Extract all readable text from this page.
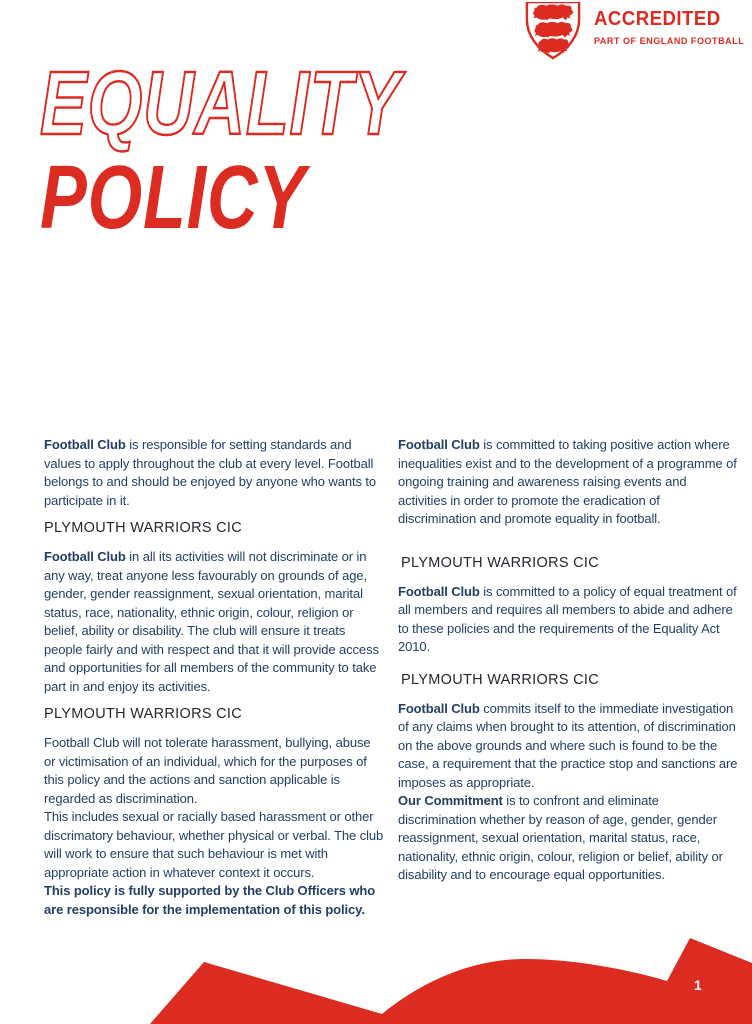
ACCREDITED
PART OF ENGLAND FOOTBALL
EQUALITY
POLICY

Football Club is responsible for setting standards and values to apply throughout the club at every level. Football belongs to and should be enjoyed by anyone who wants to participate in it.

PLYMOUTH WARRIORS CIC

Football Club in all its activities will not discriminate or in any way, treat anyone less favourably on grounds of age, gender, gender reassignment, sexual orientation, marital status, race, nationality, ethnic origin, colour, religion or belief, ability or disability. The club will ensure it treats people fairly and with respect and that it will provide access and opportunities for all members of the community to take part in and enjoy its activities.

PLYMOUTH WARRIORS CIC

Football Club will not tolerate harassment, bullying, abuse or victimisation of an individual, which for the purposes of this policy and the actions and sanction applicable is regarded as discrimination.

This includes sexual or racially based harassment or other discrimatory behaviour, whether physical or verbal. The club will work to ensure that such behaviour is met with appropriate action in whatever context it occurs.

This policy is fully supported by the Club Officers who are responsible for the implementation of this policy.

Football Club is committed to taking positive action where inequalities exist and to the development of a programme of ongoing training and awareness raising events and activities in order to promote the eradication of discrimination and promote equality in football.

PLYMOUTH WARRIORS CIC

Football Club is committed to a policy of equal treatment of all members and requires all members to abide and adhere to these policies and the requirements of the Equality Act 2010.

PLYMOUTH WARRIORS CIC

Football Club commits itself to the immediate investigation of any claims when brought to its attention, of discrimination on the above grounds and where such is found to be the case, a requirement that the practice stop and sanctions are imposes as appropriate.

Our Commitment is to confront and eliminate discrimination whether by reason of age, gender, gender reassignment, sexual orientation, marital status, race, nationality, ethnic origin, colour, religion or belief, ability or disability and to encourage equal opportunities.

1
